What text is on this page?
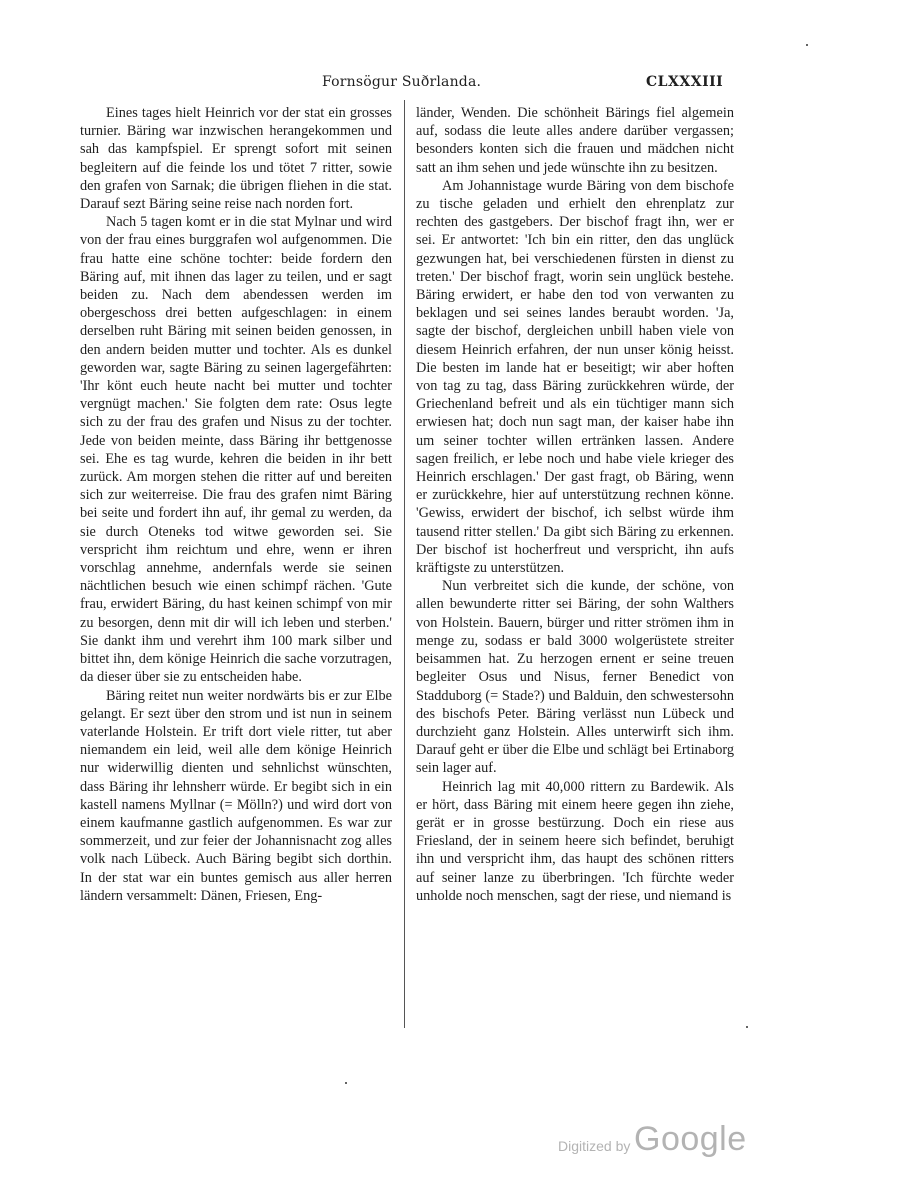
Fornsögur Suðrlanda.	CLXXXIII

Eines tages hielt Heinrich vor der stat ein grosses turnier. Bäring war inzwischen herangekommen und sah das kampfspiel. Er sprengt sofort mit seinen begleitern auf die feinde los und tötet 7 ritter, sowie den grafen von Sarnak; die übrigen fliehen in die stat. Darauf sezt Bäring seine reise nach norden fort.

Nach 5 tagen komt er in die stat Mylnar und wird von der frau eines burggrafen wol aufgenommen. Die frau hatte eine schöne tochter: beide fordern den Bäring auf, mit ihnen das lager zu teilen, und er sagt beiden zu. Nach dem abendessen werden im obergeschoss drei betten aufgeschlagen: in einem derselben ruht Bäring mit seinen beiden genossen, in den andern beiden mutter und tochter. Als es dunkel geworden war, sagte Bäring zu seinen lagergefährten: 'Ihr könt euch heute nacht bei mutter und tochter vergnügt machen.' Sie folgten dem rate: Osus legte sich zu der frau des grafen und Nisus zu der tochter. Jede von beiden meinte, dass Bäring ihr bettgenosse sei. Ehe es tag wurde, kehren die beiden in ihr bett zurück. Am morgen stehen die ritter auf und bereiten sich zur weiterreise. Die frau des grafen nimt Bäring bei seite und fordert ihn auf, ihr gemal zu werden, da sie durch Oteneks tod witwe geworden sei. Sie verspricht ihm reichtum und ehre, wenn er ihren vorschlag annehme, andernfals werde sie seinen nächtlichen besuch wie einen schimpf rächen. 'Gute frau, erwidert Bäring, du hast keinen schimpf von mir zu besorgen, denn mit dir will ich leben und sterben.' Sie dankt ihm und verehrt ihm 100 mark silber und bittet ihn, dem könige Heinrich die sache vorzutragen, da dieser über sie zu entscheiden habe.

Bäring reitet nun weiter nordwärts bis er zur Elbe gelangt. Er sezt über den strom und ist nun in seinem vaterlande Holstein. Er trift dort viele ritter, tut aber niemandem ein leid, weil alle dem könige Heinrich nur widerwillig dienten und sehnlichst wünschten, dass Bäring ihr lehnsherr würde. Er begibt sich in ein kastell namens Myllnar (= Mölln?) und wird dort von einem kaufmanne gastlich aufgenommen. Es war zur sommerzeit, und zur feier der Johannisnacht zog alles volk nach Lübeck. Auch Bäring begibt sich dorthin. In der stat war ein buntes gemisch aus aller herren ländern versammelt: Dänen, Friesen, Eng-

länder, Wenden. Die schönheit Bärings fiel algemein auf, sodass die leute alles andere darüber vergassen; besonders konten sich die frauen und mädchen nicht satt an ihm sehen und jede wünschte ihn zu besitzen.

Am Johannistage wurde Bäring von dem bischofe zu tische geladen und erhielt den ehrenplatz zur rechten des gastgebers. Der bischof fragt ihn, wer er sei. Er antwortet: 'Ich bin ein ritter, den das unglück gezwungen hat, bei verschiedenen fürsten in dienst zu treten.' Der bischof fragt, worin sein unglück bestehe. Bäring erwidert, er habe den tod von verwanten zu beklagen und sei seines landes beraubt worden. 'Ja, sagte der bischof, dergleichen unbill haben viele von diesem Heinrich erfahren, der nun unser könig heisst. Die besten im lande hat er beseitigt; wir aber hoften von tag zu tag, dass Bäring zurückkehren würde, der Griechenland befreit und als ein tüchtiger mann sich erwiesen hat; doch nun sagt man, der kaiser habe ihn um seiner tochter willen ertränken lassen. Andere sagen freilich, er lebe noch und habe viele krieger des Heinrich erschlagen.' Der gast fragt, ob Bäring, wenn er zurückkehre, hier auf unterstützung rechnen könne. 'Gewiss, erwidert der bischof, ich selbst würde ihm tausend ritter stellen.' Da gibt sich Bäring zu erkennen. Der bischof ist hocherfreut und verspricht, ihn aufs kräftigste zu unterstützen.

Nun verbreitet sich die kunde, der schöne, von allen bewunderte ritter sei Bäring, der sohn Walthers von Holstein. Bauern, bürger und ritter strömen ihm in menge zu, sodass er bald 3000 wolgerüstete streiter beisammen hat. Zu herzogen ernent er seine treuen begleiter Osus und Nisus, ferner Benedict von Stadduborg (= Stade?) und Balduin, den schwestersohn des bischofs Peter. Bäring verlässt nun Lübeck und durchzieht ganz Holstein. Alles unterwirft sich ihm. Darauf geht er über die Elbe und schlägt bei Ertinaborg sein lager auf.

Heinrich lag mit 40,000 rittern zu Bardewik. Als er hört, dass Bäring mit einem heere gegen ihn ziehe, gerät er in grosse bestürzung. Doch ein riese aus Friesland, der in seinem heere sich befindet, beruhigt ihn und verspricht ihm, das haupt des schönen ritters auf seiner lanze zu überbringen. 'Ich fürchte weder unholde noch menschen, sagt der riese, und niemand is

Digitized by Google
